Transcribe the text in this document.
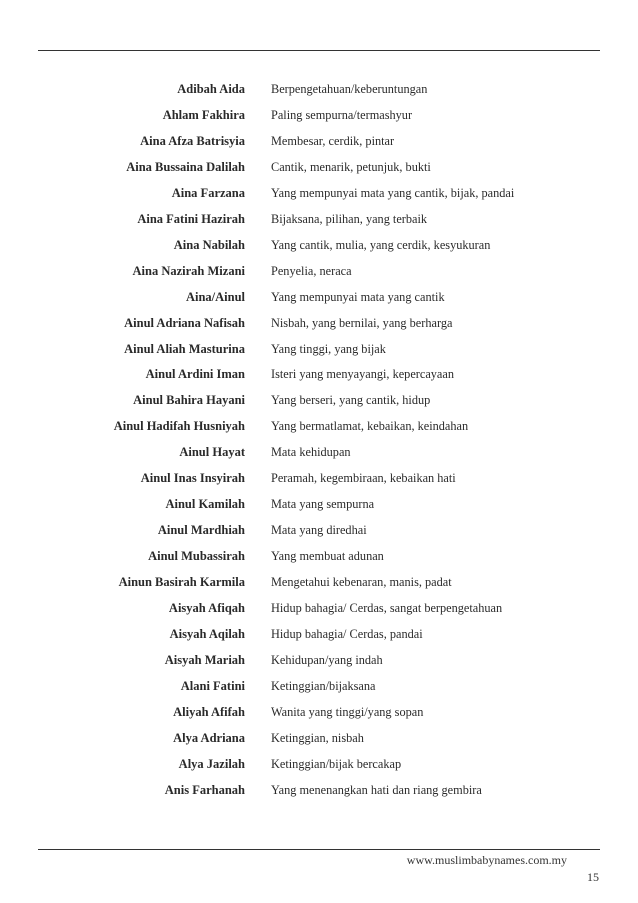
Adibah Aida Berpengetahuan/keberuntungan
Ahlam Fakhira Paling sempurna/termashyur
Aina Afza Batrisyia Membesar, cerdik, pintar
Aina Bussaina Dalilah Cantik, menarik, petunjuk, bukti
Aina Farzana Yang mempunyai mata yang cantik, bijak, pandai
Aina Fatini Hazirah Bijaksana, pilihan, yang terbaik
Aina Nabilah Yang cantik, mulia, yang cerdik, kesyukuran
Aina Nazirah Mizani Penyelia, neraca
Aina/Ainul Yang mempunyai mata yang cantik
Ainul Adriana Nafisah Nisbah, yang bernilai, yang berharga
Ainul Aliah Masturina Yang tinggi, yang bijak
Ainul Ardini Iman Isteri yang menyayangi, kepercayaan
Ainul Bahira Hayani Yang berseri, yang cantik, hidup
Ainul Hadifah Husniyah Yang bermatlamat, kebaikan, keindahan
Ainul Hayat Mata kehidupan
Ainul Inas Insyirah Peramah, kegembiraan, kebaikan hati
Ainul Kamilah Mata yang sempurna
Ainul Mardhiah Mata yang diredhai
Ainul Mubassirah Yang membuat adunan
Ainun Basirah Karmila Mengetahui kebenaran, manis, padat
Aisyah Afiqah Hidup bahagia/ Cerdas, sangat berpengetahuan
Aisyah Aqilah Hidup bahagia/ Cerdas, pandai
Aisyah Mariah Kehidupan/yang indah
Alani Fatini Ketinggian/bijaksana
Aliyah Afifah Wanita yang tinggi/yang sopan
Alya Adriana Ketinggian, nisbah
Alya Jazilah Ketinggian/bijak bercakap
Anis Farhanah Yang menenangkan hati dan riang gembira
www.muslimbabynames.com.my
15
